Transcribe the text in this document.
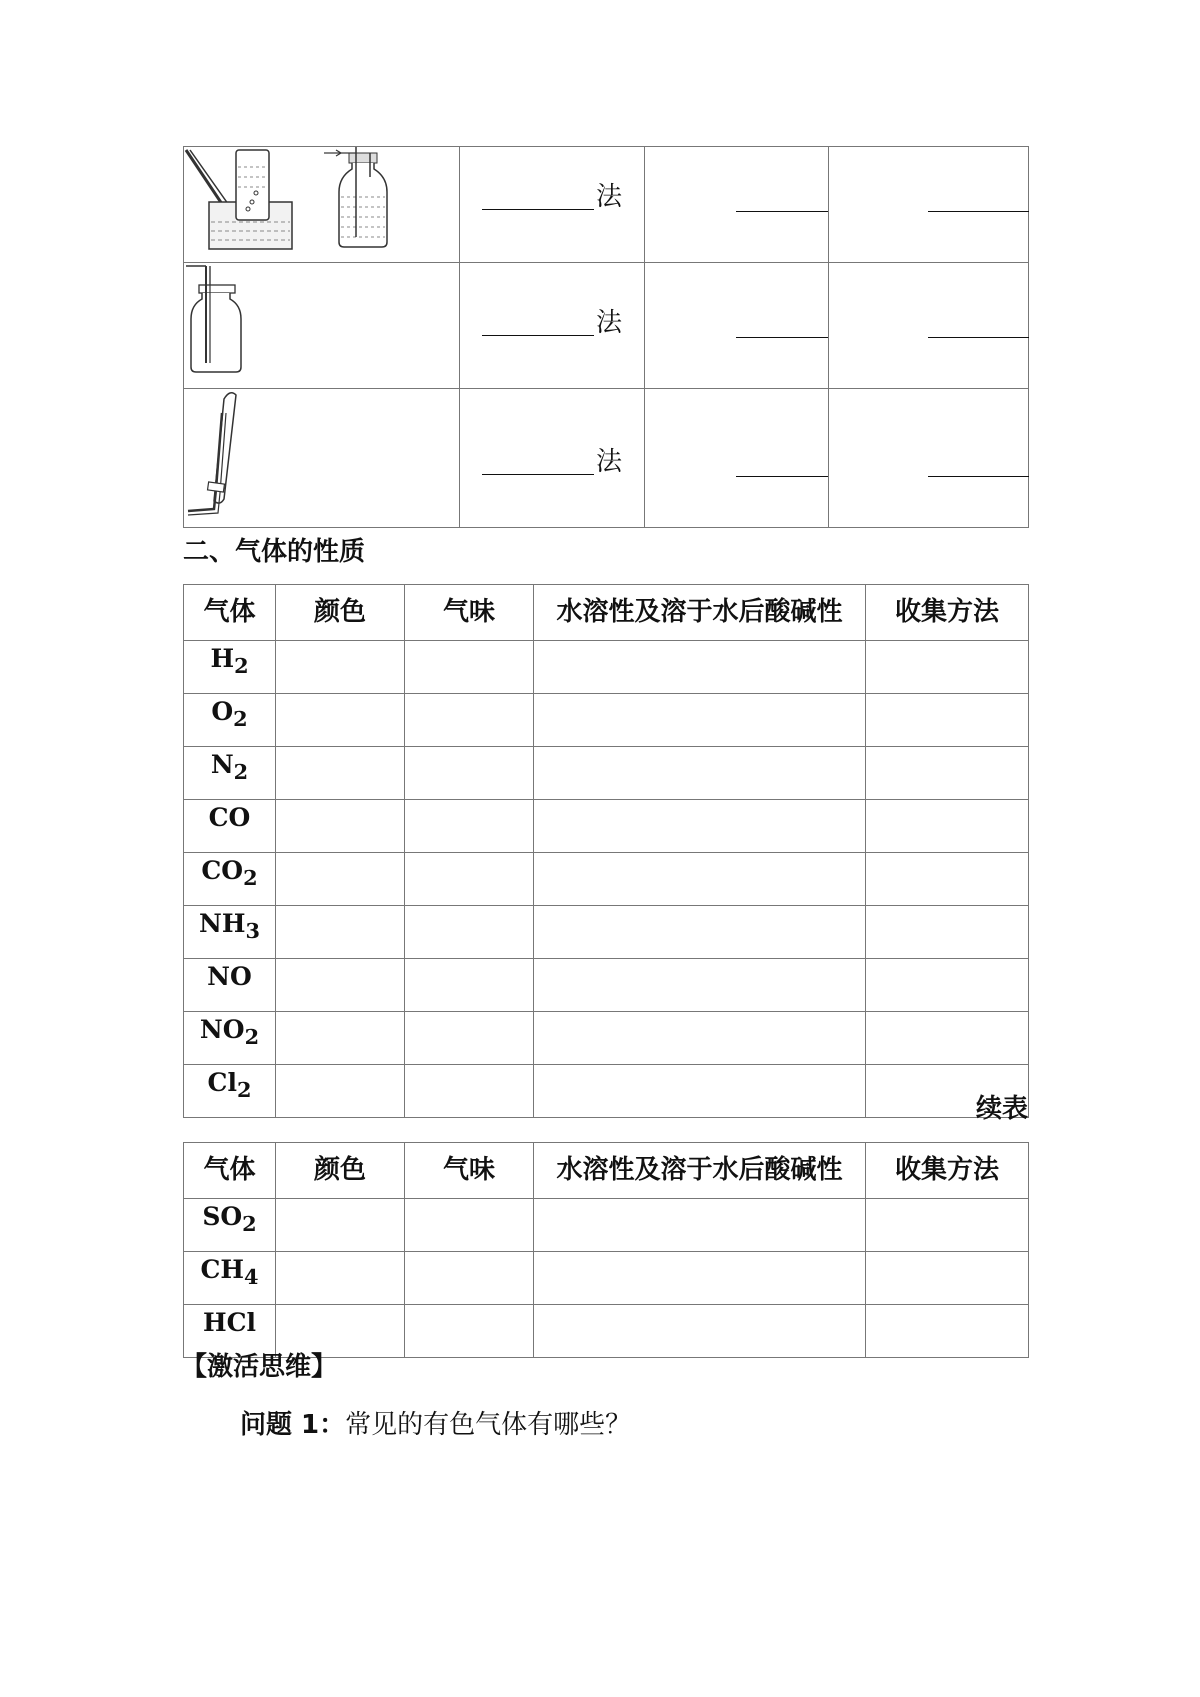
法		

法		

法		

二、气体的性质
气体	颜色	气味	水溶性及溶于水后酸碱性	收集方法
$H_2$				
$O_2$				
$N_2$				
CO				
$CO_2$				
$NH_3$				
NO				
$NO_2$				
$Cl_2$				
续表
气体	颜色	气味	水溶性及溶于水后酸碱性	收集方法
$SO_2$				
$CH_4$				
HCl				
【激活思维】
问题 1：常见的有色气体有哪些？
